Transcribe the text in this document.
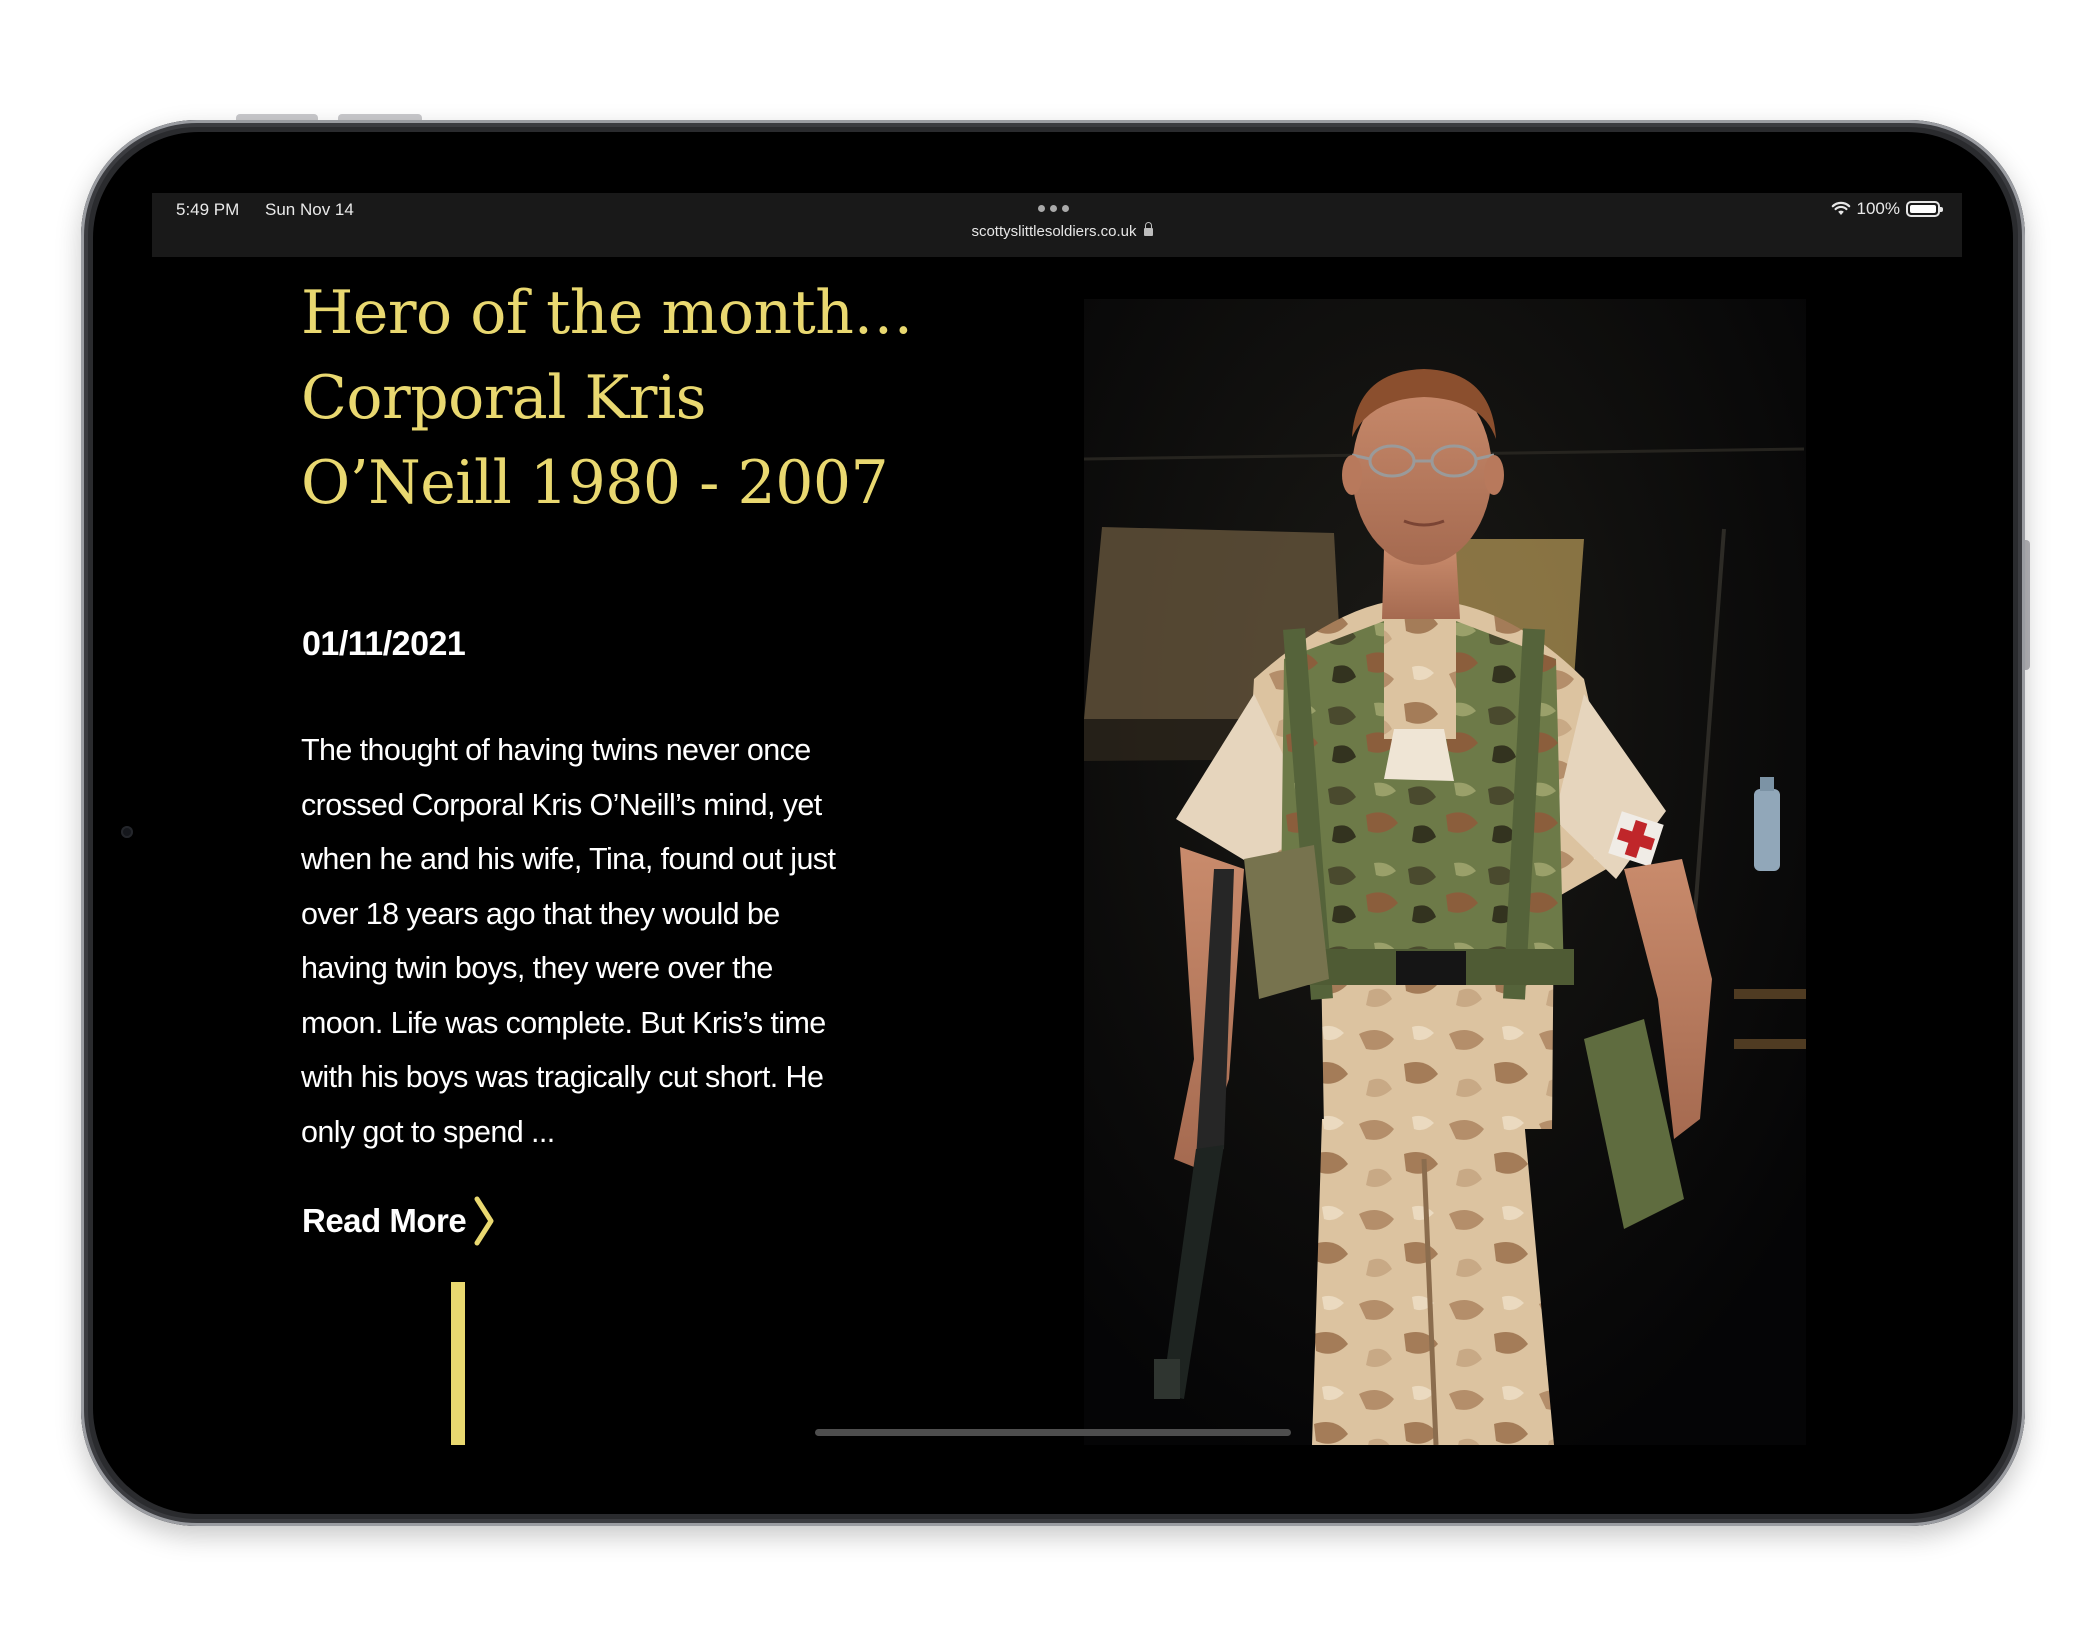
5:49 PM Sun Nov 14
scottyslittlesoldiers.co.uk
100%
Hero of the month…
Corporal Kris
O’Neill 1980 - 2007
01/11/2021
The thought of having twins never once
crossed Corporal Kris O’Neill’s mind, yet
when he and his wife, Tina, found out just
over 18 years ago that they would be
having twin boys, they were over the
moon. Life was complete. But Kris’s time
with his boys was tragically cut short. He
only got to spend ...
Read More
